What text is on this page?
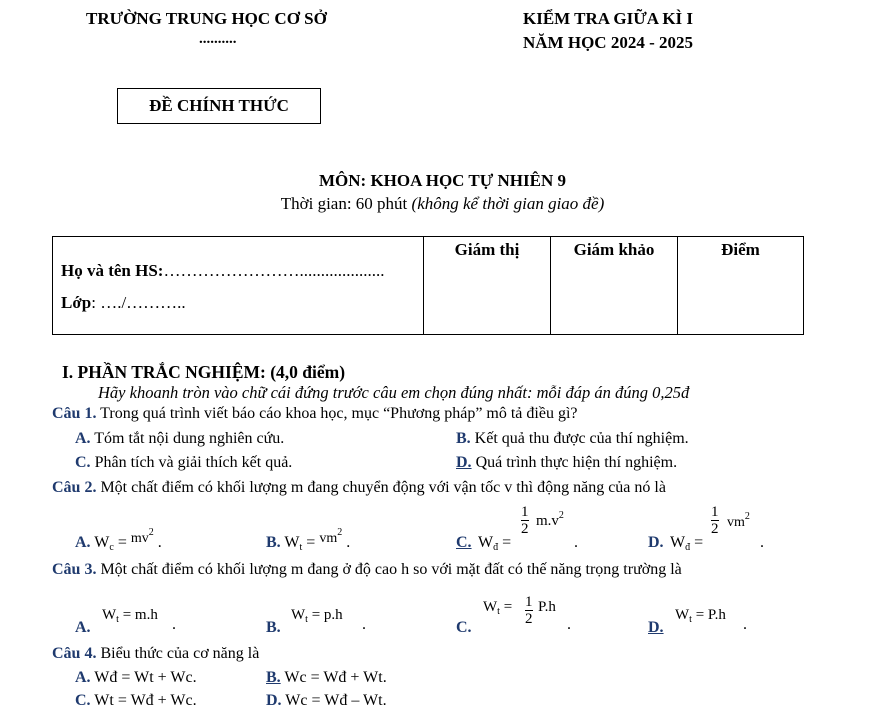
TRƯỜNG TRUNG HỌC CƠ SỞ
..........
KIỂM TRA GIỮA KÌ I
NĂM HỌC 2024 - 2025
ĐỀ CHÍNH THỨC
MÔN: KHOA HỌC TỰ NHIÊN 9
Thời gian: 60 phút (không kể thời gian giao đề)
Họ và tên HS:……………………....................
Lớp: …./………..

Giám thị	Giám khảo	Điểm
I. PHẦN TRẮC NGHIỆM: (4,0 điểm)
Hãy khoanh tròn vào chữ cái đứng trước câu em chọn đúng nhất: mỗi đáp án đúng 0,25đ
Câu 1. Trong quá trình viết báo cáo khoa học, mục “Phương pháp” mô tả điều gì?
A. Tóm tắt nội dung nghiên cứu.	B. Kết quả thu được của thí nghiệm.
C. Phân tích và giải thích kết quả.	D. Quá trình thực hiện thí nghiệm.
Câu 2. Một chất điểm có khối lượng m đang chuyển động với vận tốc v thì động năng của nó là
A. $Wc = mv^2$ .	B. $Wt = vm^2$ .	C. Wđ =
$\frac{1}{2} m.v^2$
.	D. Wđ =
$\frac{1}{2} vm^2$
.
Câu 3. Một chất điểm có khối lượng m đang ở độ cao h so với mặt đất có thế năng trọng trường là
A.
$W_t = m.h$
.	B.
$W_t = p.h$
.	C.
$W_t = \frac{1}{2} P.h$
.	D.
$W_t = P.h$
.
Câu 4. Biểu thức của cơ năng là
A. Wđ = Wt + Wc.	B. Wc = Wđ + Wt.
C. Wt = Wđ + Wc.	D. Wc = Wđ – Wt.
